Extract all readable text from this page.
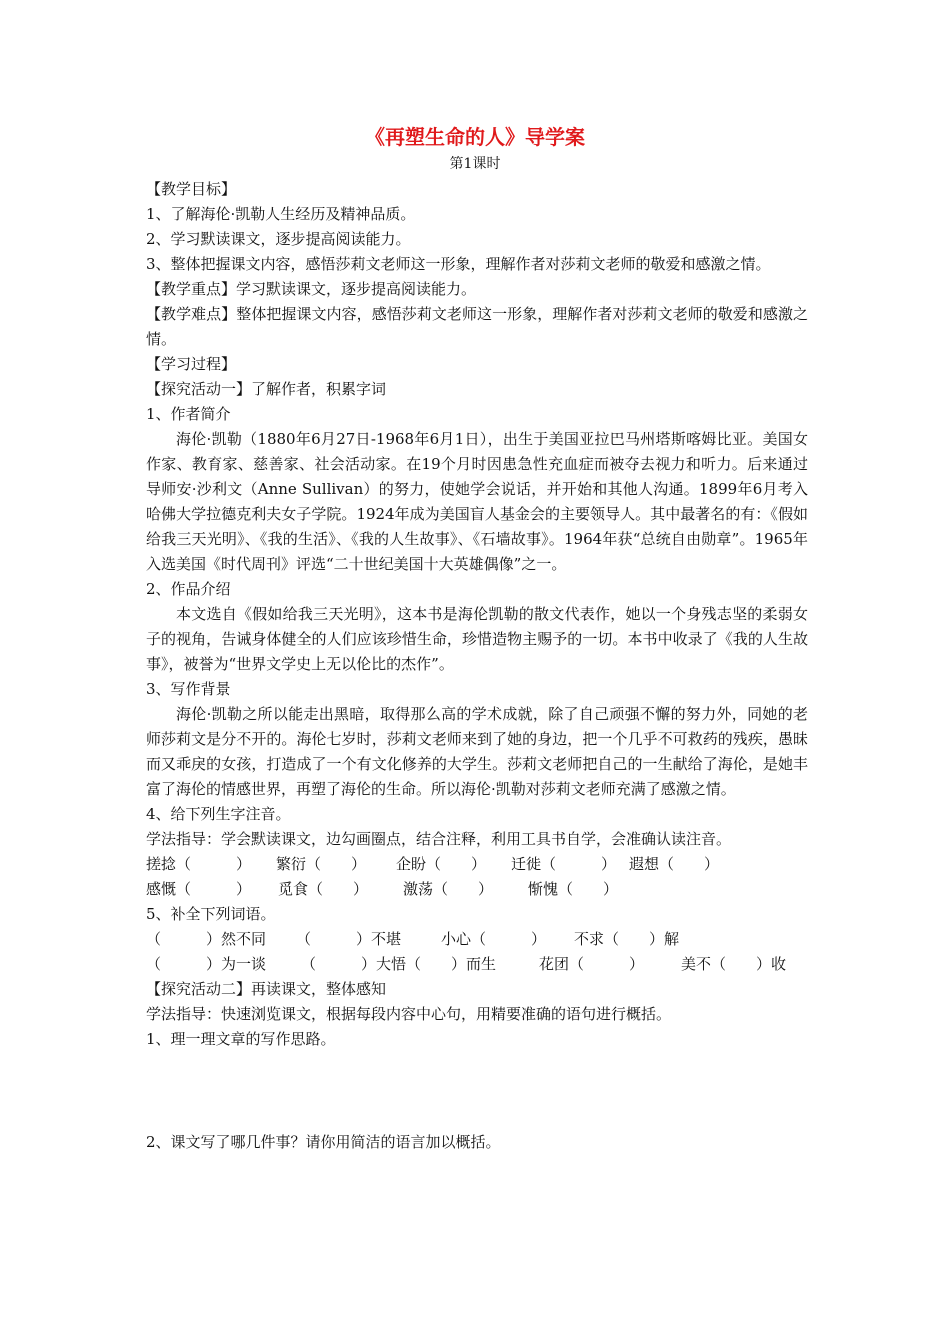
《再塑生命的人》导学案
第1课时

【教学目标】

1、了解海伦·凯勒人生经历及精神品质。

2、学习默读课文，逐步提高阅读能力。

3、整体把握课文内容，感悟莎莉文老师这一形象，理解作者对莎莉文老师的敬爱和感激之情。

【教学重点】学习默读课文，逐步提高阅读能力。

【教学难点】整体把握课文内容，感悟莎莉文老师这一形象，理解作者对莎莉文老师的敬爱和感激之情。

【学习过程】

【探究活动一】了解作者，积累字词

1、作者简介

海伦·凯勒（1880年6月27日-1968年6月1日），出生于美国亚拉巴马州塔斯喀姆比亚。美国女作家、教育家、慈善家、社会活动家。在19个月时因患急性充血症而被夺去视力和听力。后来通过导师安·沙利文（Anne Sullivan）的努力，使她学会说话，并开始和其他人沟通。1899年6月考入哈佛大学拉德克利夫女子学院。1924年成为美国盲人基金会的主要领导人。其中最著名的有：《假如给我三天光明》、《我的生活》、《我的人生故事》、《石墙故事》。1964年获“总统自由勋章”。1965年入选美国《时代周刊》评选“二十世纪美国十大英雄偶像”之一。

2、作品介绍

本文选自《假如给我三天光明》，这本书是海伦凯勒的散文代表作，她以一个身残志坚的柔弱女子的视角，告诫身体健全的人们应该珍惜生命，珍惜造物主赐予的一切。本书中收录了《我的人生故事》，被誉为“世界文学史上无以伦比的杰作”。

3、写作背景

海伦·凯勒之所以能走出黑暗，取得那么高的学术成就，除了自己顽强不懈的努力外，同她的老师莎莉文是分不开的。海伦七岁时，莎莉文老师来到了她的身边，把一个几乎不可救药的残疾，愚昧而又乖戾的女孩，打造成了一个有文化修养的大学生。莎莉文老师把自己的一生献给了海伦，是她丰富了海伦的情感世界，再塑了海伦的生命。所以海伦·凯勒对莎莉文老师充满了感激之情。

4、给下列生字注音。

学法指导：学会默读课文，边勾画圈点，结合注释，利用工具书自学，会准确认读注音。

搓捻（　　　） 繁衍（　　）	企盼（　　）	迁徙（　　　） 遐想（　　）
感慨（　　　）	觅食（　　）	激荡（　　）	惭愧（　　）

5、补全下列词语。

（　　　）然不同	（　　　）不堪	小心（　　　）	不求（　　）解
（　　　）为一谈	（　　　）大悟（　　）而生	花团（　　　）	美不（　　）收

【探究活动二】再读课文，整体感知

学法指导：快速浏览课文，根据每段内容中心句，用精要准确的语句进行概括。

1、理一理文章的写作思路。

2、课文写了哪几件事？请你用简洁的语言加以概括。
